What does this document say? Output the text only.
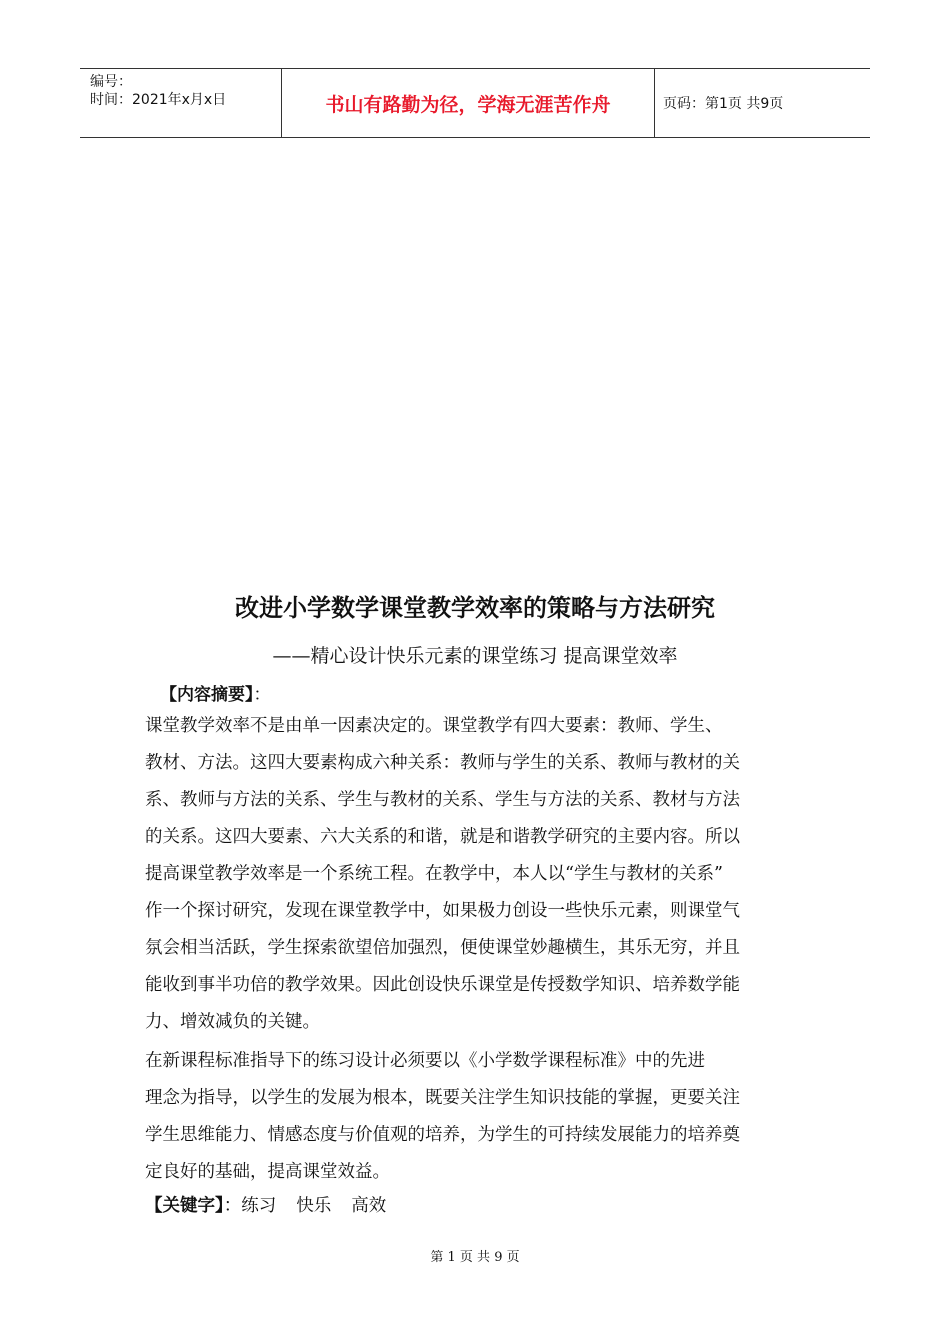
编号：
时间：2021年x月x日	书山有路勤为径，学海无涯苦作舟	页码：第1页 共9页
改进小学数学课堂教学效率的策略与方法研究
——精心设计快乐元素的课堂练习 提高课堂效率
【内容摘要】：
课堂教学效率不是由单一因素决定的。课堂教学有四大要素：教师、学生、
教材、方法。这四大要素构成六种关系：教师与学生的关系、教师与教材的关
系、教师与方法的关系、学生与教材的关系、学生与方法的关系、教材与方法
的关系。这四大要素、六大关系的和谐，就是和谐教学研究的主要内容。所以
提高课堂教学效率是一个系统工程。在教学中，本人以“学生与教材的关系”
作一个探讨研究，发现在课堂教学中，如果极力创设一些快乐元素，则课堂气
氛会相当活跃，学生探索欲望倍加强烈，便使课堂妙趣横生，其乐无穷，并且
能收到事半功倍的教学效果。因此创设快乐课堂是传授数学知识、培养数学能
力、增效减负的关键。
在新课程标准指导下的练习设计必须要以《小学数学课程标准》中的先进
理念为指导，以学生的发展为根本，既要关注学生知识技能的掌握，更要关注
学生思维能力、情感态度与价值观的培养，为学生的可持续发展能力的培养奠
定良好的基础，提高课堂效益。
【关键字】：练习 快乐 高效
第 1 页 共 9 页
